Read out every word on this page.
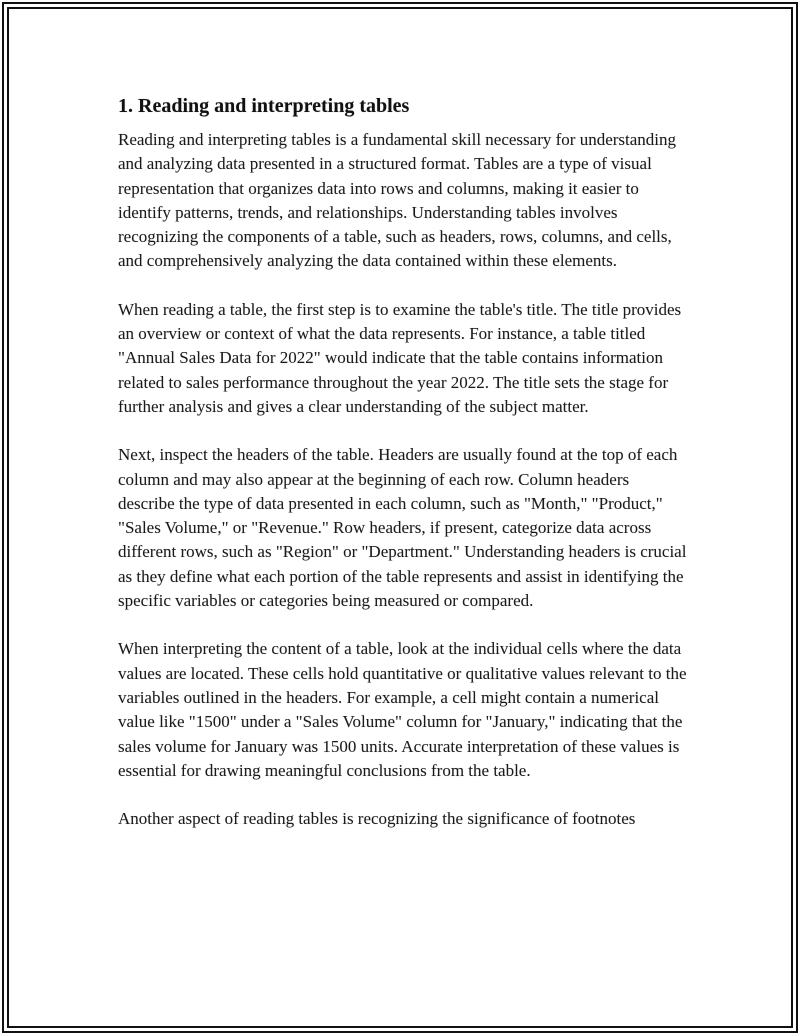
1. Reading and interpreting tables

Reading and interpreting tables is a fundamental skill necessary for understanding and analyzing data presented in a structured format. Tables are a type of visual representation that organizes data into rows and columns, making it easier to identify patterns, trends, and relationships. Understanding tables involves recognizing the components of a table, such as headers, rows, columns, and cells, and comprehensively analyzing the data contained within these elements.

When reading a table, the first step is to examine the table's title. The title provides an overview or context of what the data represents. For instance, a table titled "Annual Sales Data for 2022" would indicate that the table contains information related to sales performance throughout the year 2022. The title sets the stage for further analysis and gives a clear understanding of the subject matter.

Next, inspect the headers of the table. Headers are usually found at the top of each column and may also appear at the beginning of each row. Column headers describe the type of data presented in each column, such as "Month," "Product," "Sales Volume," or "Revenue." Row headers, if present, categorize data across different rows, such as "Region" or "Department." Understanding headers is crucial as they define what each portion of the table represents and assist in identifying the specific variables or categories being measured or compared.

When interpreting the content of a table, look at the individual cells where the data values are located. These cells hold quantitative or qualitative values relevant to the variables outlined in the headers. For example, a cell might contain a numerical value like "1500" under a "Sales Volume" column for "January," indicating that the sales volume for January was 1500 units. Accurate interpretation of these values is essential for drawing meaningful conclusions from the table.

Another aspect of reading tables is recognizing the significance of footnotes
